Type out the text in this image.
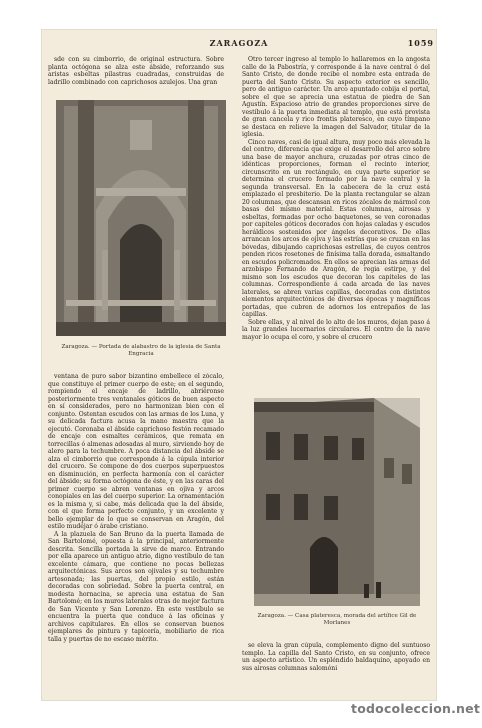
ZARAGOZA	1059

sde con su cimborrio, de original estructura. Sobre planta octógona se alza este ábside, reforzando sus aristas esbeltas pilastras cuadradas, construidas de ladrillo combinado con caprichosos azulejos. Una gran

Zaragoza. — Portada de alabastro de la iglesia de Santa Engracia

ventana de puro sabor bizantino embellece el zócalo, que constituye el primer cuerpo de este; en el segundo, rompiendo el encaje de ladrillo, abriéronse posteriormente tres ventanales góticos de buen aspecto en sí considerados, pero no harmonizan bien con el conjunto. Ostentan escudos con las armas de los Luna, y su delicada factura acusa la mano maestra que la ejecutó. Coronaba el ábside caprichoso festón recamado de encaje con esmaltes cerámicos, que remata en torrecillas ó almenas adosadas al muro, sirviendo hoy de alero para la techumbre. A poca distancia del ábside se alza el cimborrio que corresponde á la cúpula interior del crucero. Se compone de dos cuerpos superpuestos en disminución, en perfecta harmonía con el carácter del ábside; su forma octógona de éste, y en las caras del primer cuerpo se abren ventanas en ojiva y arcos conopiales en las del cuerpo superior. La ornamentación es la misma y, si cabe, más delicada que la del ábside, con el que forma perfecto conjunto, y un excelente y bello ejemplar de lo que se conservan en Aragón, del estilo mudéjar ó árabe cristiano.

A la plazuela de San Bruno da la puerta llamada de San Bartolomé, opuesta á la principal, anteriormente descrita. Sencilla portada la sirve de marco. Entrando por ella aparece un antiguo atrio, digno vestíbulo de tan excelente cámara, que contiene no pocas bellezas arquitectónicas. Sus arcos son ojivales y su techumbre artesonada; las puertas, del propio estilo, están decoradas con sobriedad. Sobre la puerta central, en modesta hornacina, se aprecia una estatua de San Bartolomé; en los muros laterales otras de mejor factura de San Vicente y San Lorenzo. En este vestíbulo se encuentra la puerta que conduce á las oficinas y archivos capitulares. En ellos se conservan buenos ejemplares de pintura y tapicería, mobiliario de rica talla y puertas de no escaso mérito.

Otro tercer ingreso al templo lo hallaremos en la angosta calle de la Pabostría, y corresponde á la nave central ó del Santo Cristo, de donde recibe el nombre esta entrada de puerta del Santo Cristo. Su aspecto exterior es sencillo, pero de antiguo carácter. Un arco apuntado cobija el portal, sobre el que se aprecia una estatua de piedra de San Agustín. Espacioso atrio de grandes proporciones sirve de vestíbulo á la puerta inmediata al templo, que está provista de gran cancela y rico frontis plateresco, en cuyo tímpano se destaca en relieve la imagen del Salvador, titular de la iglesia.

Cinco naves, casi de igual altura, muy poco más elevada la del centro, diferencia que exige el desarrollo del arco sobre una base de mayor anchura, cruzadas por otras cinco de idénticas proporciones, forman el recinto interior, circunscrito en un rectángulo, en cuya parte superior se determina el crucero formado por la nave central y la segunda transversal. En la cabecera de la cruz está emplazado el presbiterio. De la planta rectangular se alzan 20 columnas, que descansan en ricos zócalos de mármol con basas del mismo material. Estas columnas, airosas y esbeltas, formadas por ocho baquetones, se ven coronadas por capiteles góticos decorados con hojas caladas y escudos heráldicos sostenidos por ángeles decorativos. De ellas arrancan los arcos de ojiva y las estrías que se cruzan en las bóvedas, dibujando caprichosas estrellas, de cuyos centros penden ricos rosetones de finísima talla dorada, esmaltando en escudos policromados. En ellos se aprecian las armas del arzobispo Fernando de Aragón, de regia estirpe, y del mismo son los escudos que decoran los capiteles de las columnas. Correspondiente á cada arcada de las naves laterales, se abren varias capillas, decoradas con distintos elementos arquitectónicos de diversas épocas y magníficas portadas, que cubren de adornos los entrepaños de las capillas.

Sobre ellas, y al nivel de lo alto de los muros, dejan paso á la luz grandes lucernarios circulares. El centro de la nave mayor lo ocupa el coro, y sobre el crucero

Zaragoza. — Casa plateresca, morada del artífice Gil de Morlanes

se eleva la gran cúpula, complemento digno del suntuoso templo. La capilla del Santo Cristo, en su conjunto, ofrece un aspecto artístico. Un espléndido baldaquino, apoyado en sus airosas columnas salomóni

todocoleccion.net
